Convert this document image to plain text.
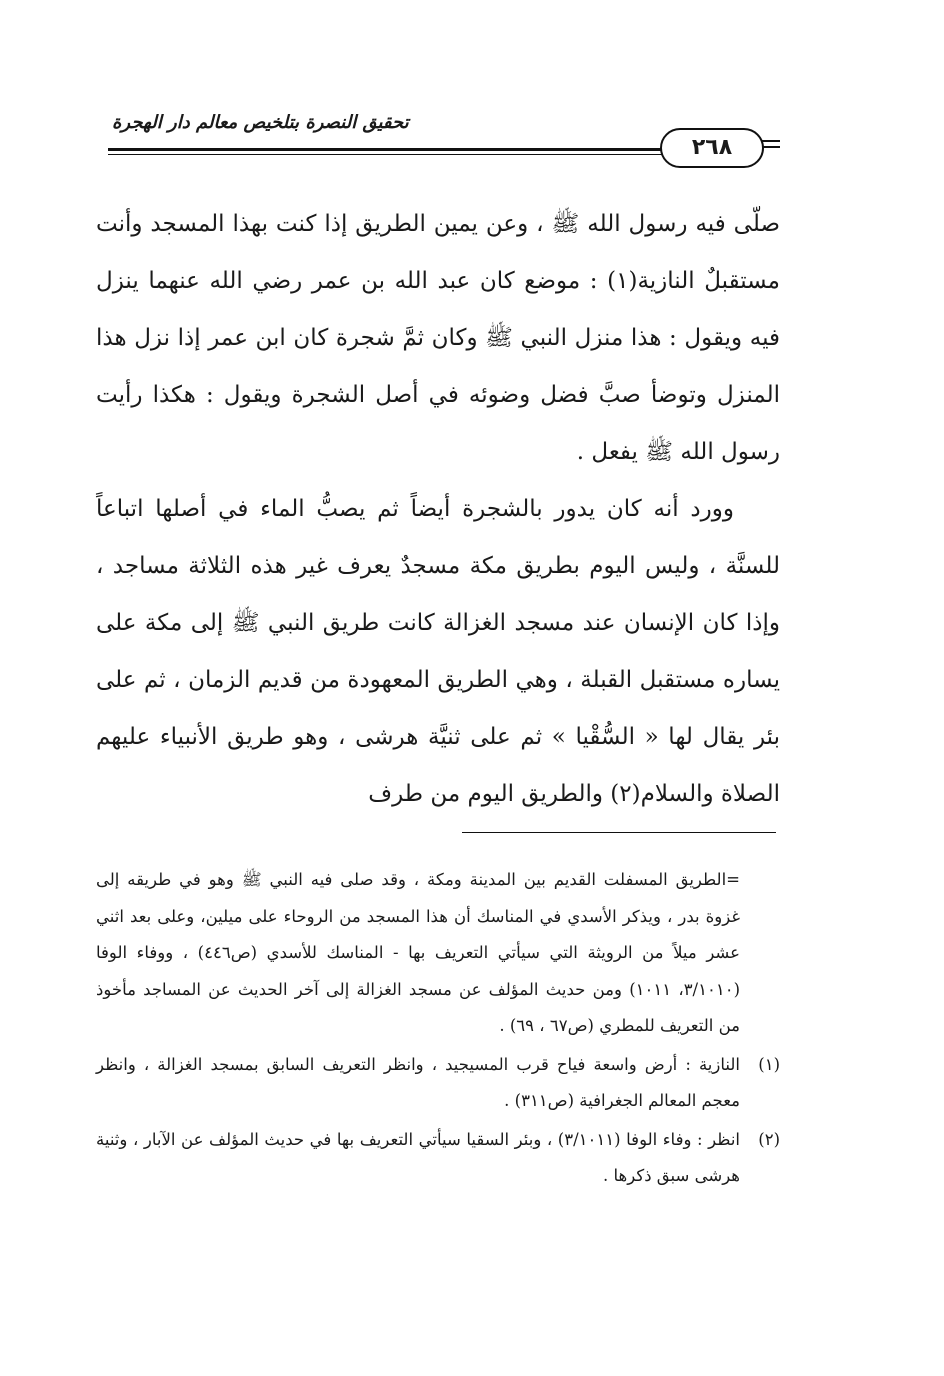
تحقيق النصرة بتلخيص معالم دار الهجرة
٢٦٨

صلّى فيه رسول الله ﷺ ، وعن يمين الطريق إذا كنت بهذا المسجد وأنت مستقبلٌ النازية(١) : موضع كان عبد الله بن عمر رضي الله عنهما ينزل فيه ويقول : هذا منزل النبي ﷺ وكان ثمَّ شجرة كان ابن عمر إذا نزل هذا المنزل وتوضأ صبَّ فضل وضوئه في أصل الشجرة ويقول : هكذا رأيت رسول الله ﷺ يفعل .

وورد أنه كان يدور بالشجرة أيضاً ثم يصبُّ الماء في أصلها اتباعاً للسنَّة ، وليس اليوم بطريق مكة مسجدٌ يعرف غير هذه الثلاثة مساجد ، وإذا كان الإنسان عند مسجد الغزالة كانت طريق النبي ﷺ إلى مكة على يساره مستقبل القبلة ، وهي الطريق المعهودة من قديم الزمان ، ثم على بئر يقال لها « السُّقْيا » ثم على ثنيَّة هرشى ، وهو طريق الأنبياء عليهم الصلاة والسلام(٢) والطريق اليوم من طرف

=الطريق المسفلت القديم بين المدينة ومكة ، وقد صلى فيه النبي ﷺ وهو في طريقه إلى غزوة بدر ، ويذكر الأسدي في المناسك أن هذا المسجد من الروحاء على ميلين، وعلى بعد اثني عشر ميلاً من الرويثة التي سيأتي التعريف بها - المناسك للأسدي (ص٤٤٦) ، ووفاء الوفا (٣/١٠١٠، ١٠١١) ومن حديث المؤلف عن مسجد الغزالة إلى آخر الحديث عن المساجد مأخوذ من التعريف للمطري (ص٦٧ ، ٦٩) .

(١)
النازية : أرض واسعة فياح قرب المسيجيد ، وانظر التعريف السابق بمسجد الغزالة ، وانظر معجم المعالم الجغرافية (ص٣١١) .
(٢)
انظر : وفاء الوفا (٣/١٠١١) ، وبئر السقيا سيأتي التعريف بها في حديث المؤلف عن الآبار ، وثنية هرشى سبق ذكرها .
